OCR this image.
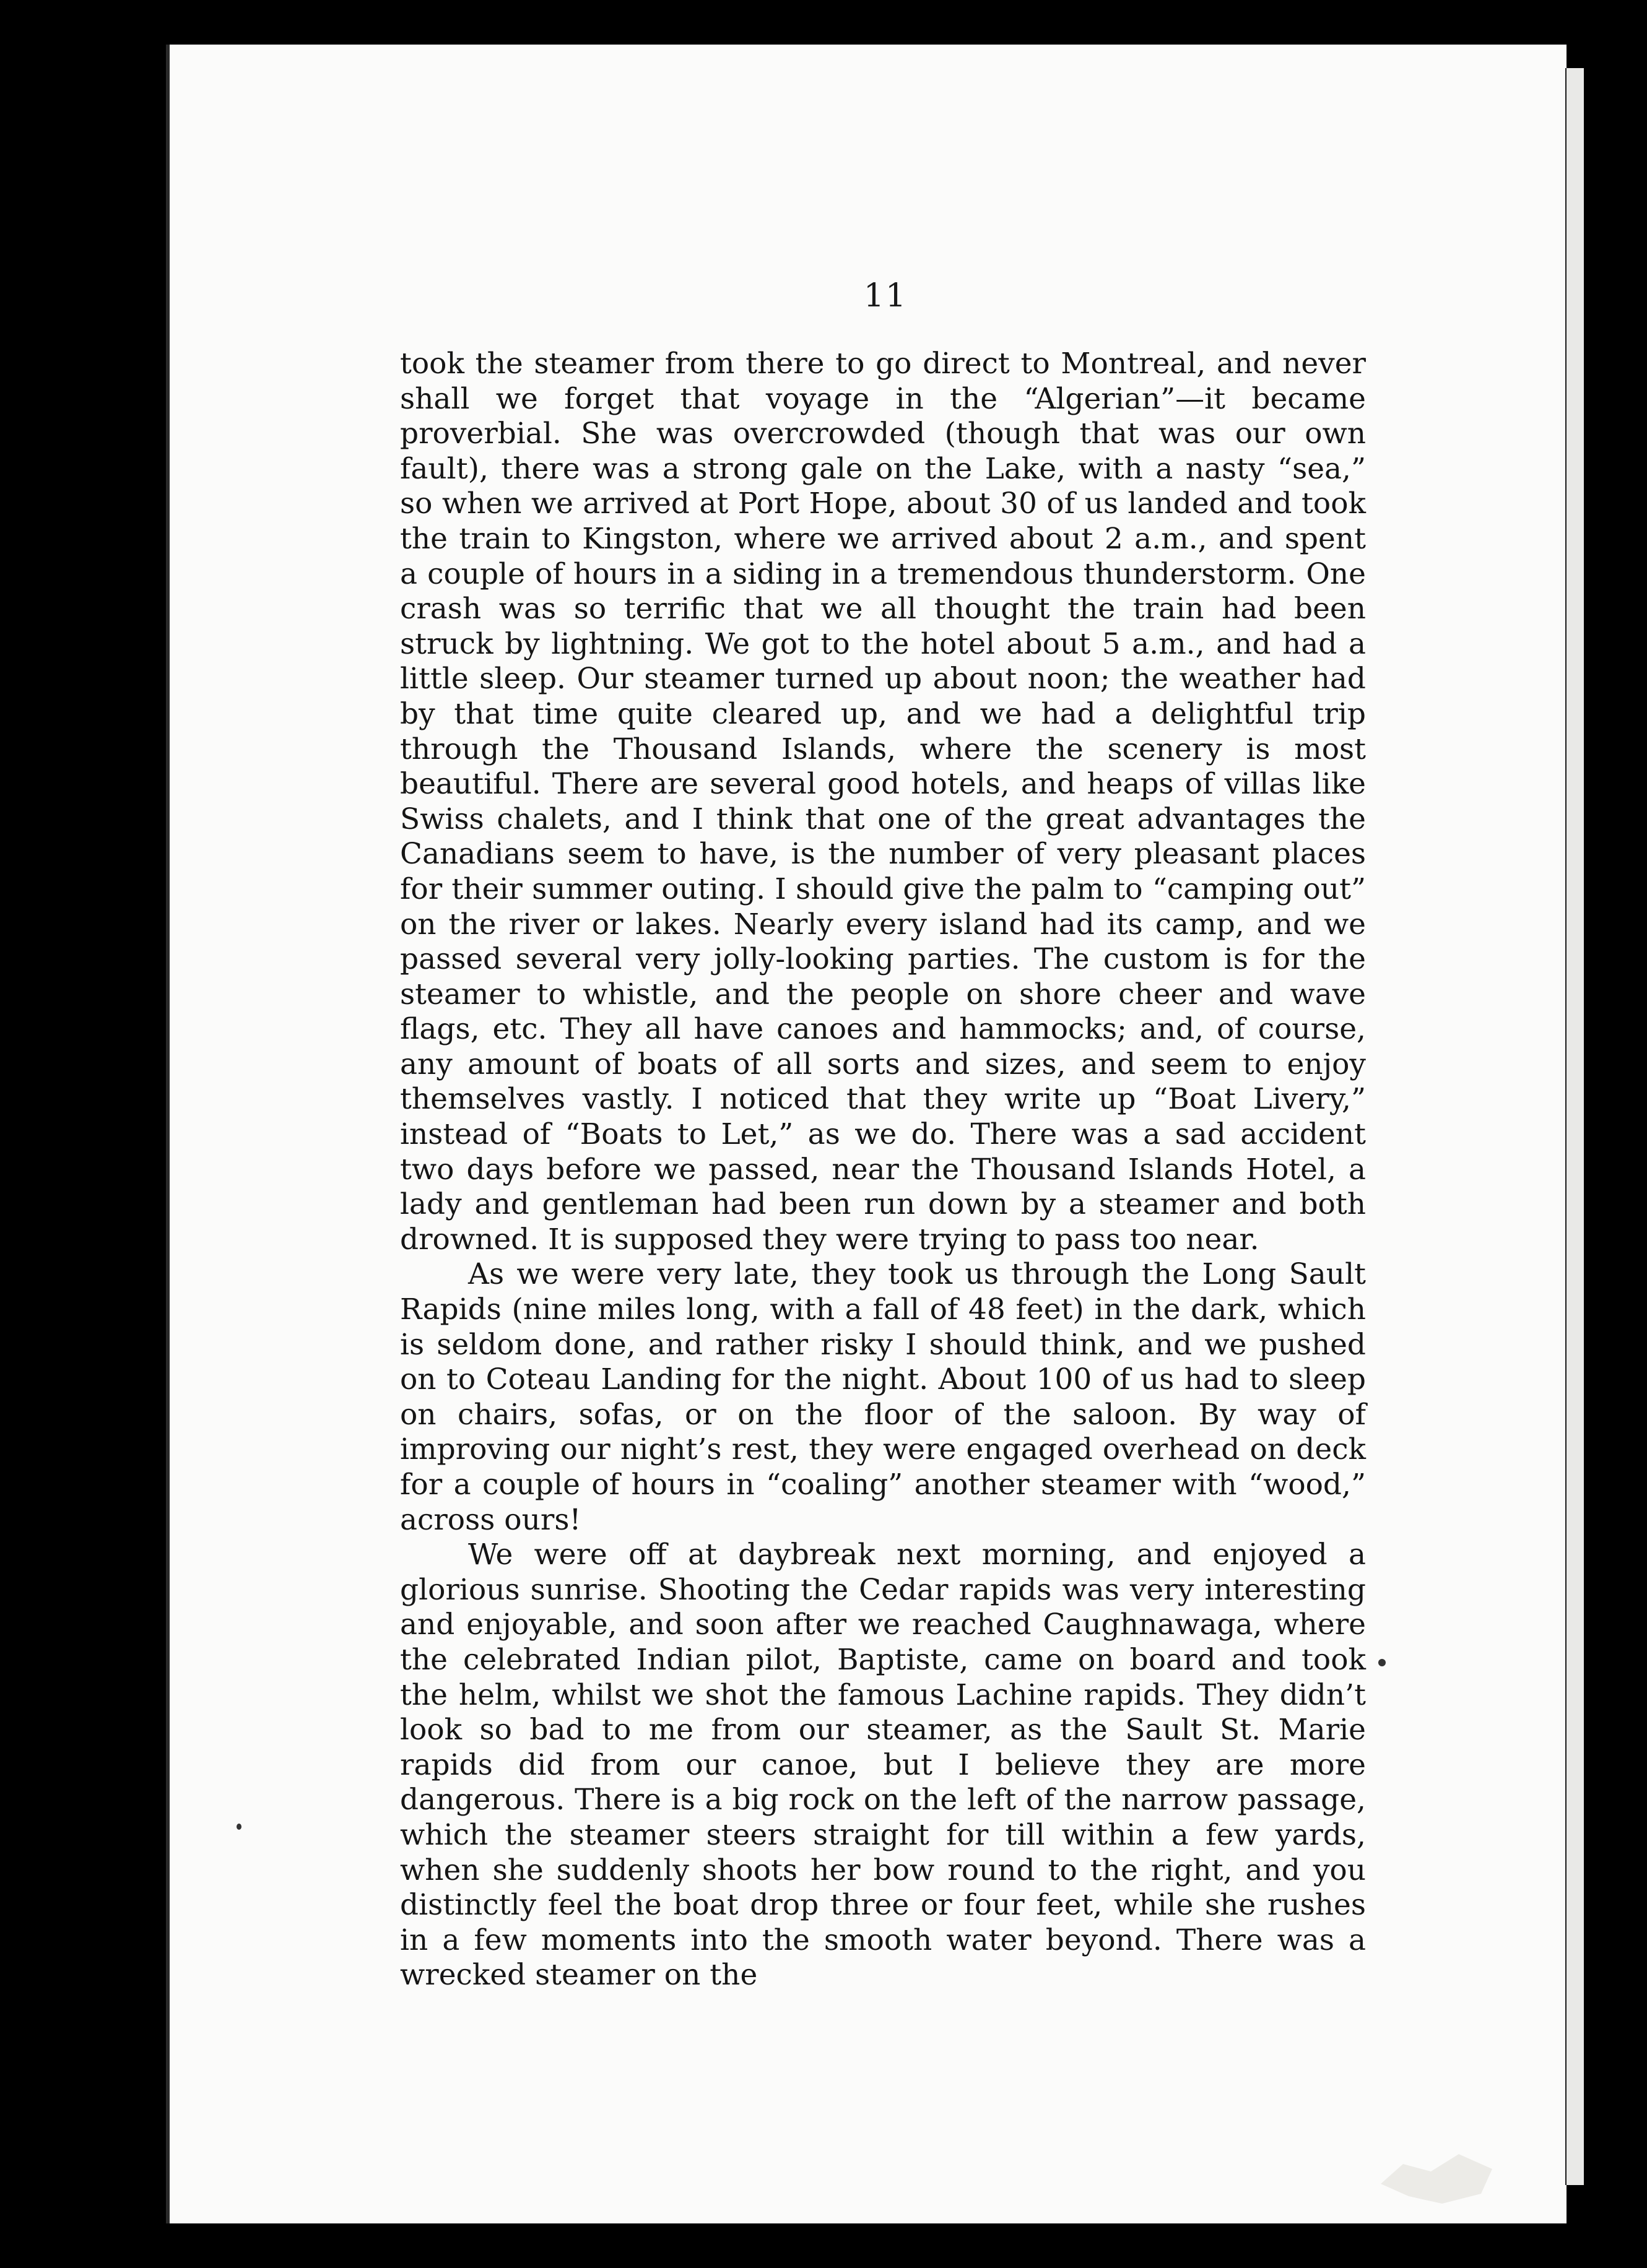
11

took the steamer from there to go direct to Montreal, and never shall we forget that voyage in the “Algerian”—it became proverbial. She was overcrowded (though that was our own fault), there was a strong gale on the Lake, with a nasty “sea,” so when we arrived at Port Hope, about 30 of us landed and took the train to Kingston, where we arrived about 2 a.m., and spent a couple of hours in a siding in a tremendous thunderstorm. One crash was so terrific that we all thought the train had been struck by lightning. We got to the hotel about 5 a.m., and had a little sleep. Our steamer turned up about noon; the weather had by that time quite cleared up, and we had a delightful trip through the Thousand Islands, where the scenery is most beautiful. There are several good hotels, and heaps of villas like Swiss chalets, and I think that one of the great advantages the Canadians seem to have, is the number of very pleasant places for their summer outing. I should give the palm to “camping out” on the river or lakes. Nearly every island had its camp, and we passed several very jolly-looking parties. The custom is for the steamer to whistle, and the people on shore cheer and wave flags, etc. They all have canoes and hammocks; and, of course, any amount of boats of all sorts and sizes, and seem to enjoy themselves vastly. I noticed that they write up “Boat Livery,” instead of “Boats to Let,” as we do. There was a sad accident two days before we passed, near the Thousand Islands Hotel, a lady and gentleman had been run down by a steamer and both drowned. It is supposed they were trying to pass too near.

As we were very late, they took us through the Long Sault Rapids (nine miles long, with a fall of 48 feet) in the dark, which is seldom done, and rather risky I should think, and we pushed on to Coteau Landing for the night. About 100 of us had to sleep on chairs, sofas, or on the floor of the saloon. By way of improving our night’s rest, they were engaged overhead on deck for a couple of hours in “coaling” another steamer with “wood,” across ours!

We were off at daybreak next morning, and enjoyed a glorious sunrise. Shooting the Cedar rapids was very interesting and enjoyable, and soon after we reached Caughnawaga, where the celebrated Indian pilot, Baptiste, came on board and took the helm, whilst we shot the famous Lachine rapids. They didn’t look so bad to me from our steamer, as the Sault St. Marie rapids did from our canoe, but I believe they are more dangerous. There is a big rock on the left of the narrow passage, which the steamer steers straight for till within a few yards, when she suddenly shoots her bow round to the right, and you distinctly feel the boat drop three or four feet, while she rushes in a few moments into the smooth water beyond. There was a wrecked steamer on the
